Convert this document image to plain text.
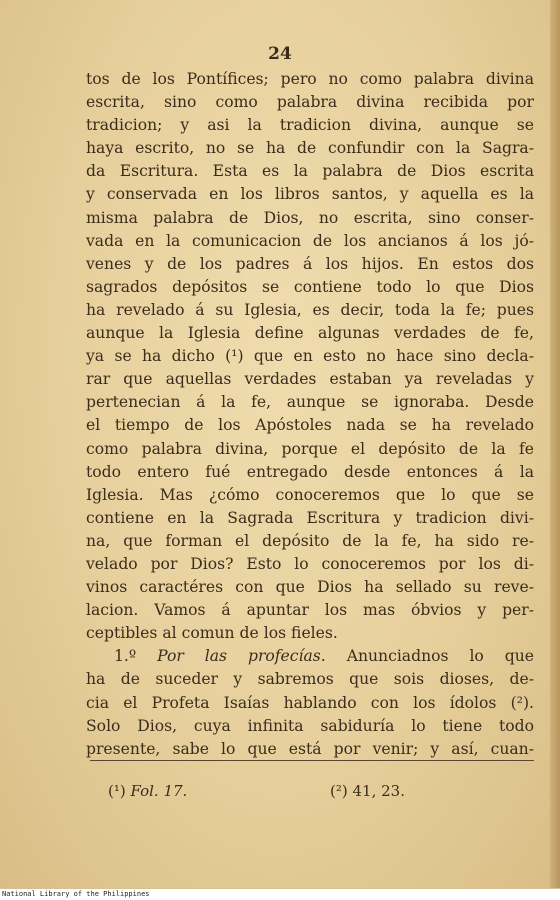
24
tos de los Pontífices; pero no como palabra divina
escrita, sino como palabra divina recibida por
tradicion; y asi la tradicion divina, aunque se
haya escrito, no se ha de confundir con la Sagra-
da Escritura. Esta es la palabra de Dios escrita
y conservada en los libros santos, y aquella es la
misma palabra de Dios, no escrita, sino conser-
vada en la comunicacion de los ancianos á los jó-
venes y de los padres á los hijos. En estos dos
sagrados depósitos se contiene todo lo que Dios
ha revelado á su Iglesia, es decir, toda la fe; pues
aunque la Iglesia define algunas verdades de fe,
ya se ha dicho (¹) que en esto no hace sino decla-
rar que aquellas verdades estaban ya reveladas y
pertenecian á la fe, aunque se ignoraba. Desde
el tiempo de los Apóstoles nada se ha revelado
como palabra divina, porque el depósito de la fe
todo entero fué entregado desde entonces á la
Iglesia. Mas ¿cómo conoceremos que lo que se
contiene en la Sagrada Escritura y tradicion divi-
na, que forman el depósito de la fe, ha sido re-
velado por Dios? Esto lo conoceremos por los di-
vinos caractéres con que Dios ha sellado su reve-
lacion. Vamos á apuntar los mas óbvios y per-
ceptibles al comun de los fieles.
1.º Por las profecías. Anunciadnos lo que
ha de suceder y sabremos que sois dioses, de-
cia el Profeta Isaías hablando con los ídolos (²).
Solo Dios, cuya infinita sabiduría lo tiene todo
presente, sabe lo que está por venir; y así, cuan-
(¹) Fol. 17.	(²) 41, 23.
National Library of the Philippines
